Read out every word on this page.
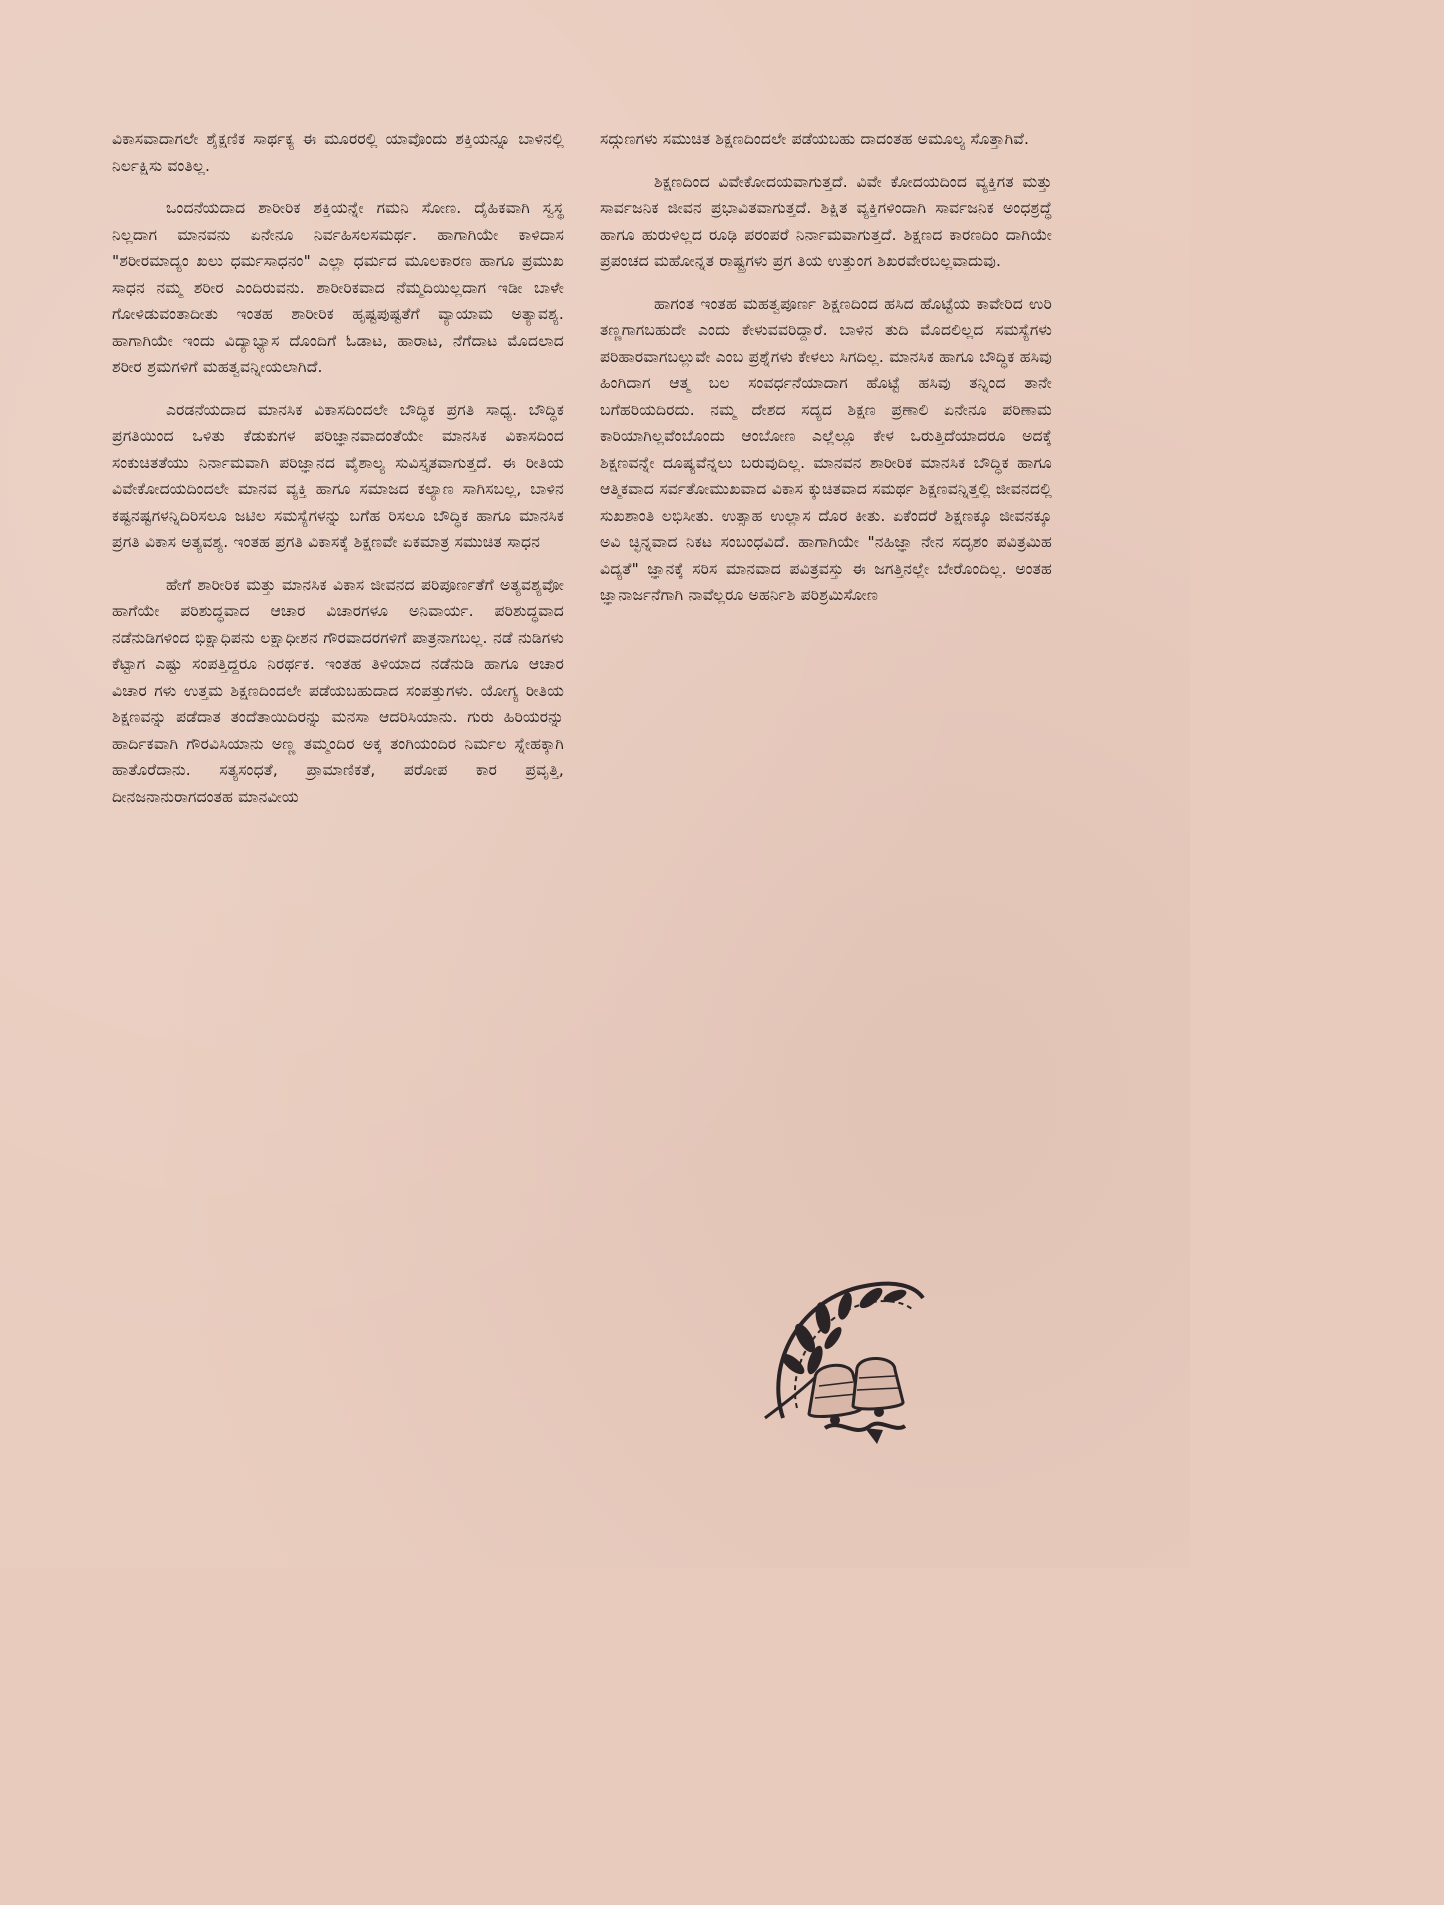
ವಿಕಾಸವಾದಾಗಲೇ ಶೈಕ್ಷಣಿಕ ಸಾರ್ಥಕ್ಯ ಈ ಮೂರರಲ್ಲಿ ಯಾವೊಂದು ಶಕ್ತಿಯನ್ನೂ ಬಾಳಿನಲ್ಲಿ ನಿರ್ಲಕ್ಷಿಸು ವಂತಿಲ್ಲ.

ಒಂದನೆಯದಾದ ಶಾರೀರಿಕ ಶಕ್ತಿಯನ್ನೇ ಗಮನಿ ಸೋಣ. ದೈಹಿಕವಾಗಿ ಸ್ವಸ್ಥ ನಿಲ್ಲದಾಗ ಮಾನವನು ಏನೇನೂ ನಿರ್ವಹಿಸಲಸಮರ್ಥ. ಹಾಗಾಗಿಯೇ ಕಾಳಿದಾಸ "ಶರೀರಮಾದ್ಯಂ ಖಲು ಧರ್ಮಸಾಧನಂ" ಎಲ್ಲಾ ಧರ್ಮದ ಮೂಲಕಾರಣ ಹಾಗೂ ಪ್ರಮುಖ ಸಾಧನ ನಮ್ಮ ಶರೀರ ಎಂದಿರುವನು. ಶಾರೀರಿಕವಾದ ನೆಮ್ಮದಿಯಿಲ್ಲದಾಗ ಇಡೀ ಬಾಳೇ ಗೋಳಿಡುವಂತಾದೀತು ಇಂತಹ ಶಾರೀರಿಕ ಹೃಷ್ಟಪುಷ್ಟತೆಗೆ ವ್ಯಾಯಾಮ ಅತ್ಯಾವಶ್ಯ. ಹಾಗಾಗಿಯೇ ಇಂದು ವಿದ್ಯಾಭ್ಯಾಸ ದೊಂದಿಗೆ ಓಡಾಟ, ಹಾರಾಟ, ನೆಗೆದಾಟ ಮೊದಲಾದ ಶರೀರ ಶ್ರಮಗಳಿಗೆ ಮಹತ್ವವನ್ನೀಯಲಾಗಿದೆ.

ಎರಡನೆಯದಾದ ಮಾನಸಿಕ ವಿಕಾಸದಿಂದಲೇ ಬೌದ್ಧಿಕ ಪ್ರಗತಿ ಸಾಧ್ಯ. ಬೌದ್ಧಿಕ ಪ್ರಗತಿಯಿಂದ ಒಳಿತು ಕೆಡುಕುಗಳ ಪರಿಜ್ಞಾನವಾದಂತೆಯೇ ಮಾನಸಿಕ ವಿಕಾಸದಿಂದ ಸಂಕುಚಿತತೆಯು ನಿರ್ನಾಮವಾಗಿ ಪರಿಜ್ಞಾನದ ವೈಶಾಲ್ಯ ಸುವಿಸ್ತೃತವಾಗುತ್ತದೆ. ಈ ರೀತಿಯ ವಿವೇಕೋದಯದಿಂದಲೇ ಮಾನವ ವ್ಯಕ್ತಿ ಹಾಗೂ ಸಮಾಜದ ಕಲ್ಯಾಣ ಸಾಗಿಸಬಲ್ಲ, ಬಾಳಿನ ಕಷ್ಟನಷ್ಟಗಳನ್ನಿದಿರಿಸಲೂ ಜಟಿಲ ಸಮಸ್ಯೆಗಳನ್ನು ಬಗೆಹ ರಿಸಲೂ ಬೌದ್ಧಿಕ ಹಾಗೂ ಮಾನಸಿಕ ಪ್ರಗತಿ ವಿಕಾಸ ಅತ್ಯವಶ್ಯ. ಇಂತಹ ಪ್ರಗತಿ ವಿಕಾಸಕ್ಕೆ ಶಿಕ್ಷಣವೇ ಏಕಮಾತ್ರ ಸಮುಚಿತ ಸಾಧನ

ಹೇಗೆ ಶಾರೀರಿಕ ಮತ್ತು ಮಾನಸಿಕ ವಿಕಾಸ ಜೀವನದ ಪರಿಪೂರ್ಣತೆಗೆ ಅತ್ಯವಶ್ಯವೋ ಹಾಗೆಯೇ ಪರಿಶುದ್ಧವಾದ ಆಚಾರ ವಿಚಾರಗಳೂ ಅನಿವಾರ್ಯ. ಪರಿಶುದ್ಧವಾದ ನಡೆನುಡಿಗಳಿಂದ ಭಿಕ್ಷಾಧಿಪನು ಲಕ್ಷಾಧೀಶನ ಗೌರವಾದರಗಳಿಗೆ ಪಾತ್ರನಾಗಬಲ್ಲ. ನಡೆ ನುಡಿಗಳು ಕೆಟ್ಟಾಗ ಎಷ್ಟು ಸಂಪತ್ತಿದ್ದರೂ ನಿರರ್ಥಕ. ಇಂತಹ ತಿಳಿಯಾದ ನಡೆನುಡಿ ಹಾಗೂ ಆಚಾರ ವಿಚಾರ ಗಳು ಉತ್ತಮ ಶಿಕ್ಷಣದಿಂದಲೇ ಪಡೆಯಬಹುದಾದ ಸಂಪತ್ತುಗಳು. ಯೋಗ್ಯ ರೀತಿಯ ಶಿಕ್ಷಣವನ್ನು ಪಡೆದಾತ ತಂದೆತಾಯಿದಿರನ್ನು ಮನಸಾ ಆದರಿಸಿಯಾನು. ಗುರು ಹಿರಿಯರನ್ನು ಹಾರ್ದಿಕವಾಗಿ ಗೌರವಿಸಿಯಾನು ಅಣ್ಣ ತಮ್ಮಂದಿರ ಅಕ್ಕ ತಂಗಿಯಂದಿರ ನಿರ್ಮಲ ಸ್ನೇಹಕ್ಕಾಗಿ ಹಾತೊರೆದಾನು. ಸತ್ಯಸಂಧತೆ, ಪ್ರಾಮಾಣಿಕತೆ, ಪರೋಪ ಕಾರ ಪ್ರವೃತ್ತಿ, ದೀನಜನಾನುರಾಗದಂತಹ ಮಾನವೀಯ

ಸದ್ಗುಣಗಳು ಸಮುಚಿತ ಶಿಕ್ಷಣದಿಂದಲೇ ಪಡೆಯಬಹು ದಾದಂತಹ ಅಮೂಲ್ಯ ಸೊತ್ತಾಗಿವೆ.

ಶಿಕ್ಷಣದಿಂದ ವಿವೇಕೋದಯವಾಗುತ್ತದೆ. ವಿವೇ ಕೋದಯದಿಂದ ವ್ಯಕ್ತಿಗತ ಮತ್ತು ಸಾರ್ವಜನಿಕ ಜೀವನ ಪ್ರಭಾವಿತವಾಗುತ್ತದೆ. ಶಿಕ್ಷಿತ ವ್ಯಕ್ತಿಗಳಿಂದಾಗಿ ಸಾರ್ವಜನಿಕ ಅಂಧಶ್ರದ್ಧೆ ಹಾಗೂ ಹುರುಳಿಲ್ಲದ ರೂಢಿ ಪರಂಪರೆ ನಿರ್ನಾಮವಾಗುತ್ತದೆ. ಶಿಕ್ಷಣದ ಕಾರಣದಿಂ ದಾಗಿಯೇ ಪ್ರಪಂಚದ ಮಹೋನ್ನತ ರಾಷ್ಟ್ರಗಳು ಪ್ರಗ ತಿಯ ಉತ್ತುಂಗ ಶಿಖರವೇರಬಲ್ಲವಾದುವು.

ಹಾಗಂತ ಇಂತಹ ಮಹತ್ವಪೂರ್ಣ ಶಿಕ್ಷಣದಿಂದ ಹಸಿದ ಹೊಟ್ಟೆಯ ಕಾವೇರಿದ ಉರಿ ತಣ್ಣಗಾಗಬಹುದೇ ಎಂದು ಕೇಳುವವರಿದ್ದಾರೆ. ಬಾಳಿನ ತುದಿ ಮೊದಲಿಲ್ಲದ ಸಮಸ್ಯೆಗಳು ಪರಿಹಾರವಾಗಬಲ್ಲುವೇ ಎಂಬ ಪ್ರಶ್ನೆಗಳು ಕೇಳಲು ಸಿಗದಿಲ್ಲ. ಮಾನಸಿಕ ಹಾಗೂ ಬೌದ್ಧಿಕ ಹಸಿವು ಹಿಂಗಿದಾಗ ಆತ್ಮ ಬಲ ಸಂವರ್ಧನೆಯಾದಾಗ ಹೊಟ್ಟೆ ಹಸಿವು ತನ್ನಿಂದ ತಾನೇ ಬಗೆಹರಿಯದಿರದು. ನಮ್ಮ ದೇಶದ ಸದ್ಯದ ಶಿಕ್ಷಣ ಪ್ರಣಾಲಿ ಏನೇನೂ ಪರಿಣಾಮ ಕಾರಿಯಾಗಿಲ್ಲವೆಂಬೊಂದು ಆಂಬೋಣ ಎಲ್ಲೆಲ್ಲೂ ಕೇಳ ಒರುತ್ತಿದೆಯಾದರೂ ಅದಕ್ಕೆ ಶಿಕ್ಷಣವನ್ನೇ ದೂಷ್ಯವೆನ್ನಲು ಬರುವುದಿಲ್ಲ. ಮಾನವನ ಶಾರೀರಿಕ ಮಾನಸಿಕ ಬೌದ್ಧಿಕ ಹಾಗೂ ಆತ್ಮಿಕವಾದ ಸರ್ವತೋಮುಖವಾದ ವಿಕಾಸ ಕ್ಕುಚಿತವಾದ ಸಮರ್ಥ ಶಿಕ್ಷಣವನ್ನಿತ್ತಲ್ಲಿ ಜೀವನದಲ್ಲಿ ಸುಖಶಾಂತಿ ಲಭಿಸೀತು. ಉತ್ಸಾಹ ಉಲ್ಲಾಸ ದೊರ ಕೀತು. ಏಕೆಂದರೆ ಶಿಕ್ಷಣಕ್ಕೂ ಜೀವನಕ್ಕೂ ಅವಿ ಚ್ಛಿನ್ನವಾದ ನಿಕಟ ಸಂಬಂಧವಿದೆ. ಹಾಗಾಗಿಯೇ "ನಹಿಜ್ಞಾ ನೇನ ಸದೃಶಂ ಪವಿತ್ರಮಿಹ ವಿದ್ಯತೆ" ಜ್ಞಾನಕ್ಕೆ ಸರಿಸ ಮಾನವಾದ ಪವಿತ್ರವಸ್ತು ಈ ಜಗತ್ತಿನಲ್ಲೇ ಬೇರೊಂದಿಲ್ಲ. ಅಂತಹ ಜ್ಞಾನಾರ್ಜನೆಗಾಗಿ ನಾವೆಲ್ಲರೂ ಅಹರ್ನಿಶಿ ಪರಿಶ್ರಮಿಸೋಣ
